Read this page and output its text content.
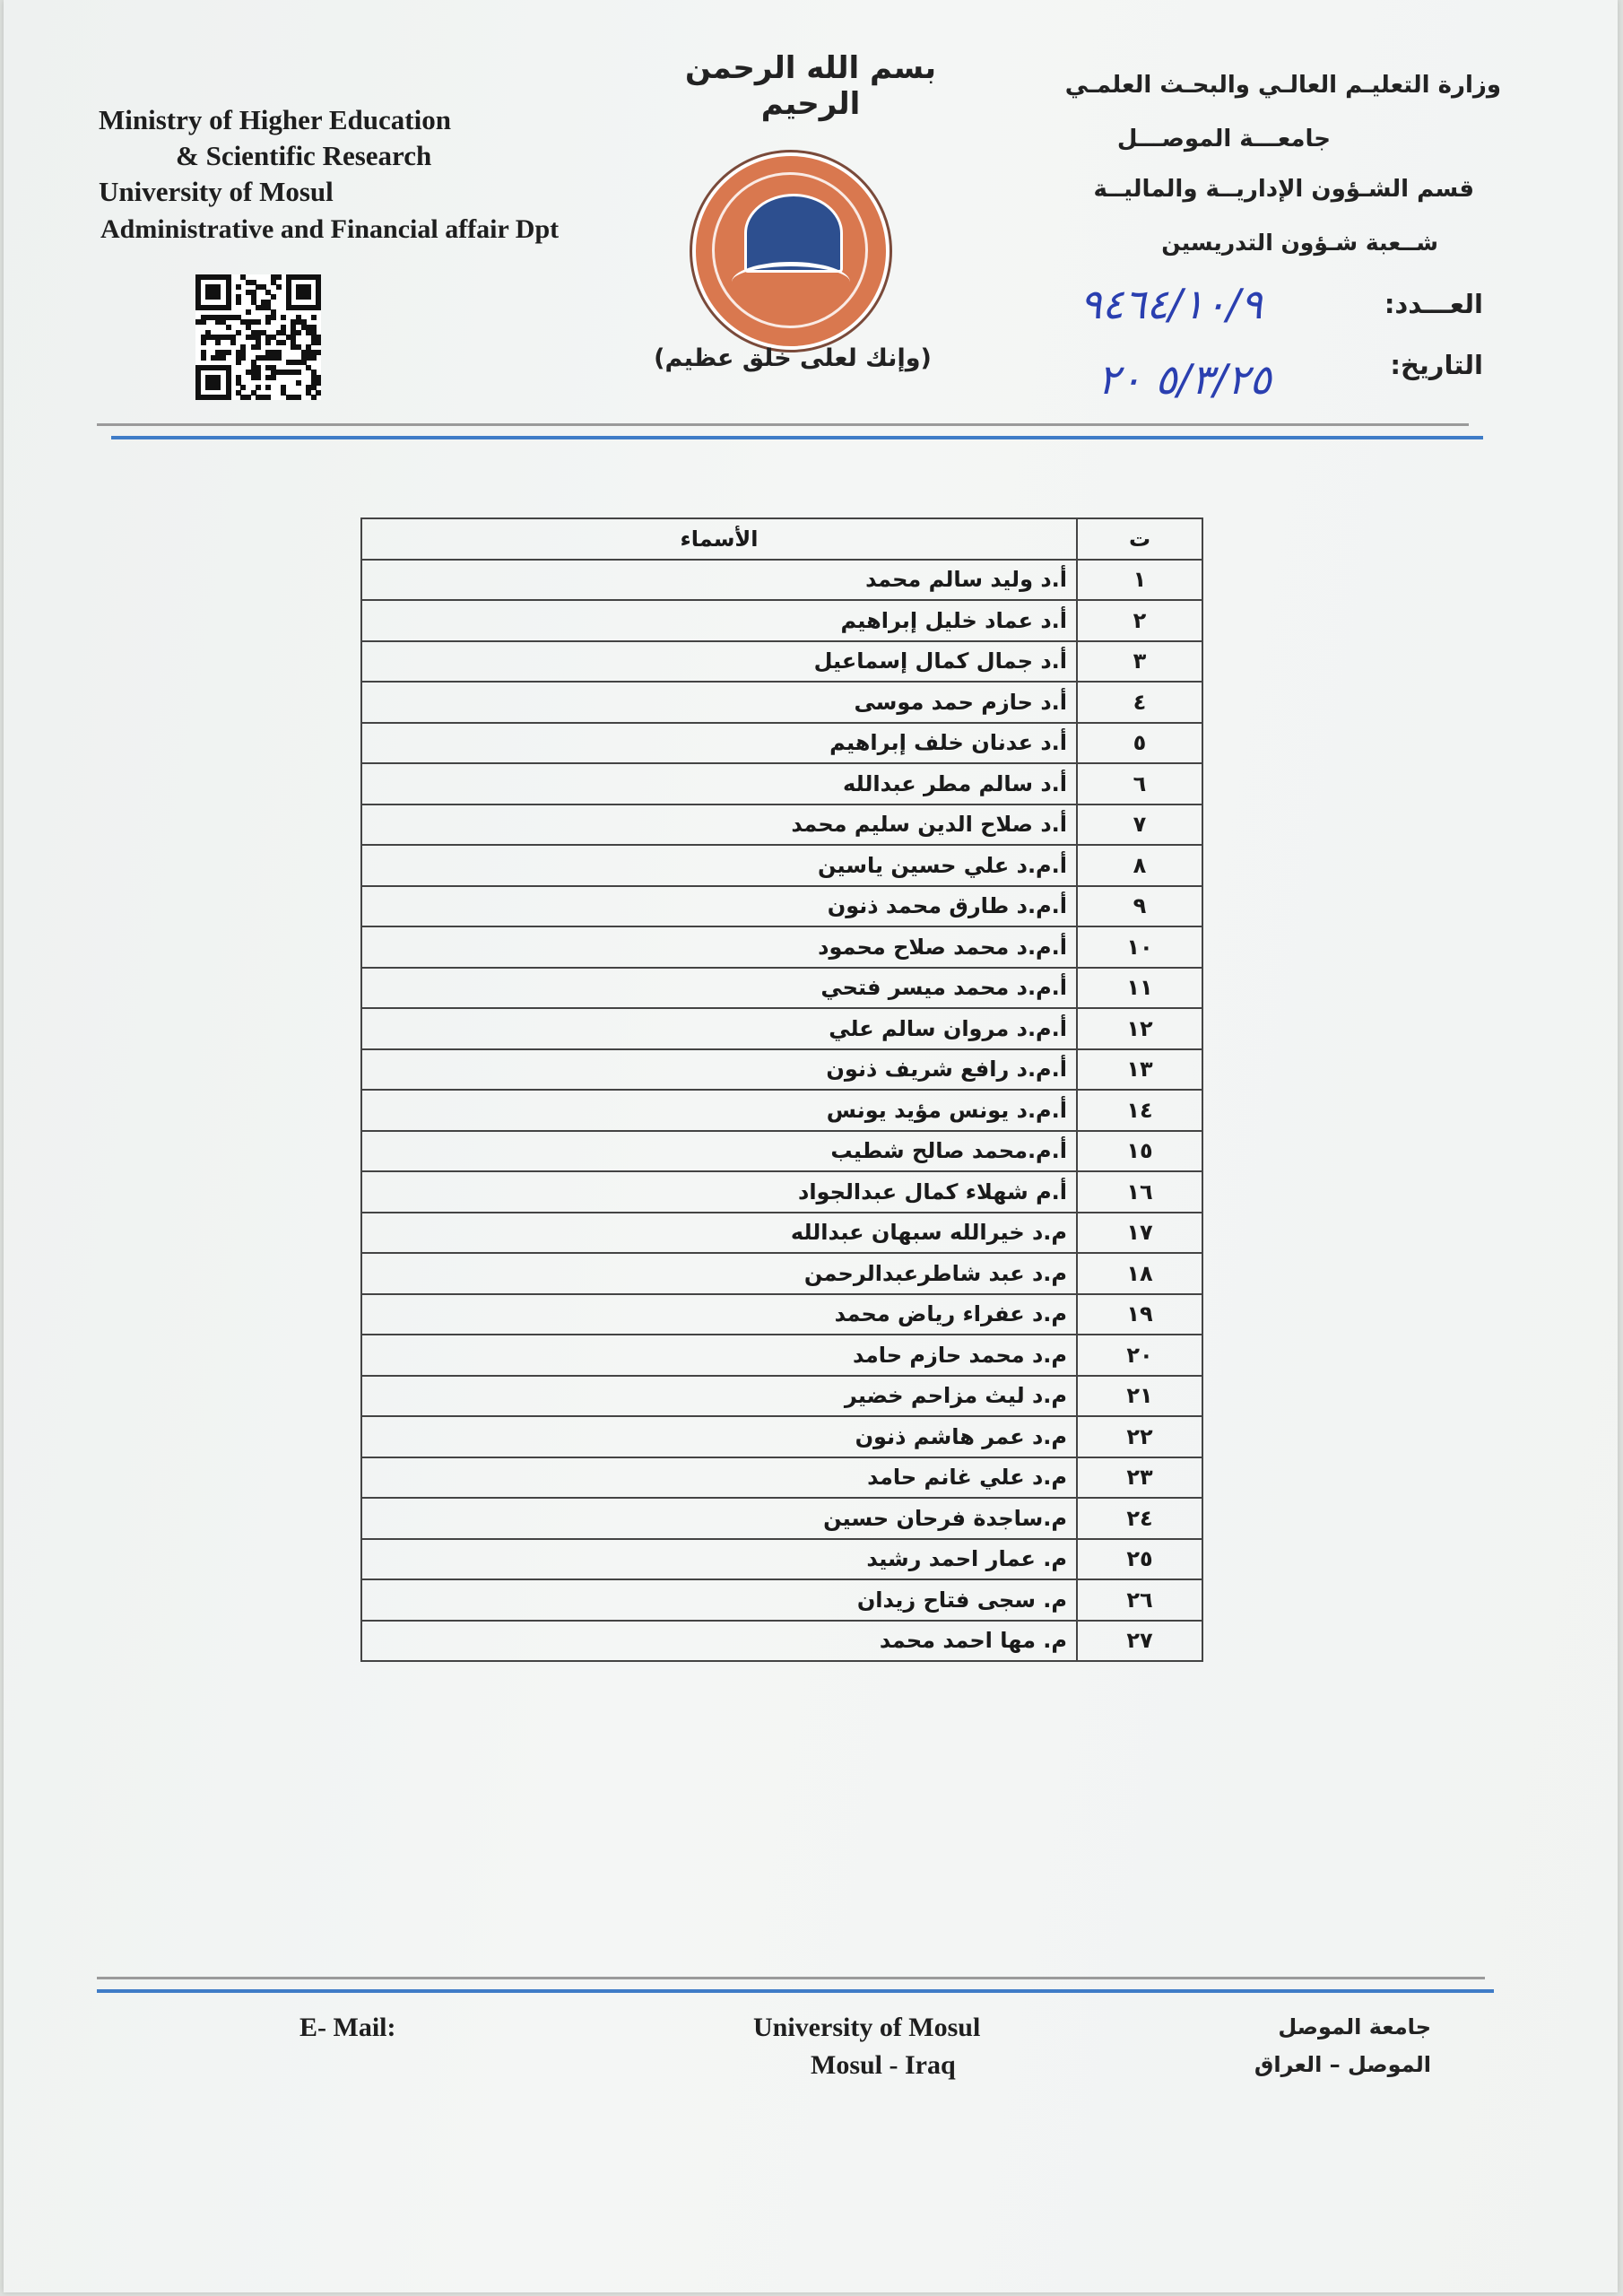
بسم الله الرحمن الرحيم
Ministry of Higher Education
& Scientific Research
University of Mosul
Administrative and Financial affair Dpt
(وإنك لعلى خلق عظيم)
وزارة التعليـم العالـي والبحـث العلمـي
جامعـــة الموصـــل
قسم الشـؤون الإداريــة والماليــة
شــعبة شـؤون التدريسين
العـــدد:
٩٤٦٤/١٠/٩
التاريخ:
٥/٣/٢٥ ٢٠
ت	الأسماء
١	أ.د وليد سالم محمد
٢	أ.د عماد خليل إبراهيم
٣	أ.د جمال كمال إسماعيل
٤	أ.د حازم حمد موسى
٥	أ.د عدنان خلف إبراهيم
٦	أ.د سالم مطر عبدالله
٧	أ.د صلاح الدين سليم محمد
٨	أ.م.د علي حسين ياسين
٩	أ.م.د طارق محمد ذنون
١٠	أ.م.د محمد صلاح محمود
١١	أ.م.د محمد ميسر فتحي
١٢	أ.م.د مروان سالم علي
١٣	أ.م.د رافع شريف ذنون
١٤	أ.م.د يونس مؤيد يونس
١٥	أ.م.محمد صالح شطيب
١٦	أ.م شهلاء كمال عبدالجواد
١٧	م.د خيرالله سبهان عبدالله
١٨	م.د عبد شاطرعبدالرحمن
١٩	م.د عفراء رياض محمد
٢٠	م.د محمد حازم حامد
٢١	م.د ليث مزاحم خضير
٢٢	م.د عمر هاشم ذنون
٢٣	م.د علي غانم حامد
٢٤	م.ساجدة فرحان حسين
٢٥	م. عمار احمد رشيد
٢٦	م. سجى فتاح زيدان
٢٧	م. مها احمد محمد
E- Mail:	University of Mosul
Mosul - Iraq
جامعة الموصل
الموصل – العراق
